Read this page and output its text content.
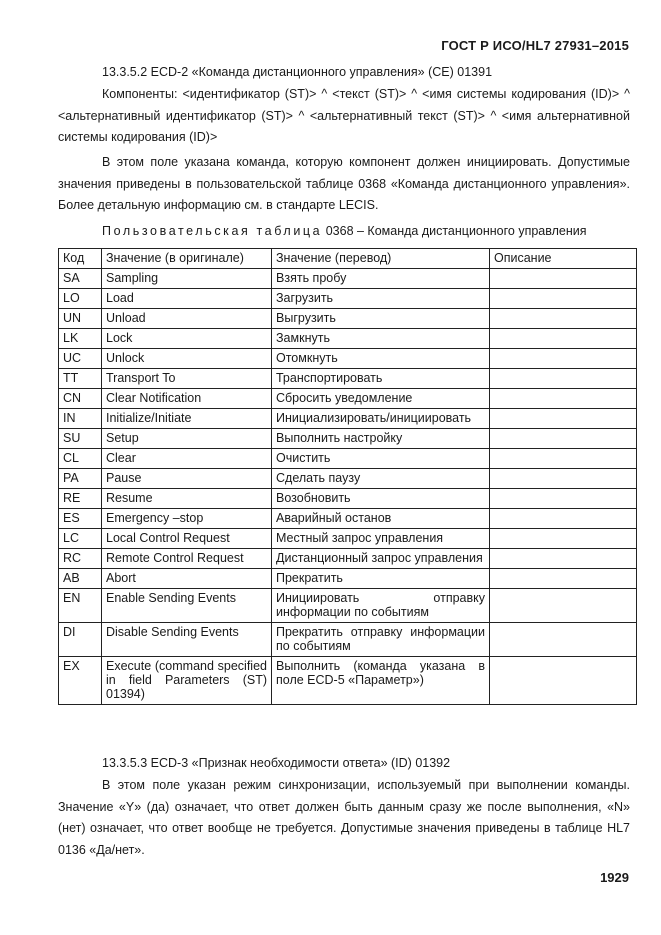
ГОСТ Р ИСО/HL7 27931–2015
13.3.5.2 ECD-2 «Команда дистанционного управления» (CE) 01391
Компоненты: <идентификатор (ST)> ^ <текст (ST)> ^ <имя системы кодирования (ID)> ^ <альтернативный идентификатор (ST)> ^ <альтернативный текст (ST)> ^ <имя альтернативной системы кодирования (ID)>
В этом поле указана команда, которую компонент должен инициировать. Допустимые значения приведены в пользовательской таблице 0368 «Команда дистанционного управления». Более детальную информацию см. в стандарте LECIS.
Пользовательская таблица 0368 – Команда дистанционного управления
Код	Значение (в оригинале)	Значение (перевод)	Описание
SA	Sampling	Взять пробу	
LO	Load	Загрузить	
UN	Unload	Выгрузить	
LK	Lock	Замкнуть	
UC	Unlock	Отомкнуть	
TT	Transport To	Транспортировать	
CN	Clear Notification	Сбросить уведомление	
IN	Initialize/Initiate	Инициализировать/инициировать	
SU	Setup	Выполнить настройку	
CL	Clear	Очистить	
PA	Pause	Сделать паузу	
RE	Resume	Возобновить	
ES	Emergency –stop	Аварийный останов	
LC	Local Control Request	Местный запрос управления	
RC	Remote Control Request	Дистанционный запрос управления	
AB	Abort	Прекратить	
EN	Enable Sending Events	Инициировать отправку информации по событиям	
DI	Disable Sending Events	Прекратить отправку информации по событиям	
EX	Execute (command specified in field Parameters (ST) 01394)	Выполнить (команда указана в поле ECD-5 «Параметр»)	
13.3.5.3 ECD-3 «Признак необходимости ответа» (ID) 01392
В этом поле указан режим синхронизации, используемый при выполнении команды. Значение «Y» (да) означает, что ответ должен быть данным сразу же после выполнения, «N» (нет) означает, что ответ вообще не требуется. Допустимые значения приведены в таблице HL7 0136 «Да/нет».
1929
